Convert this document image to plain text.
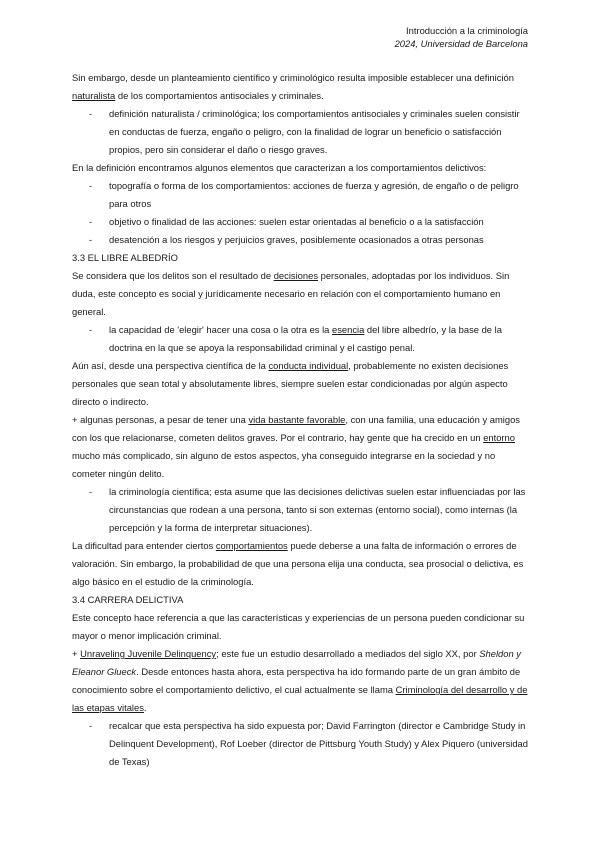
Introducción a la criminología
2024, Universidad de Barcelona

Sin embargo, desde un planteamiento científico y criminológico resulta imposible establecer una definición naturalista de los comportamientos antisociales y criminales.

- definición naturalista / criminológica; los comportamientos antisociales y criminales suelen consistir en conductas de fuerza, engaño o peligro, con la finalidad de lograr un beneficio o satisfacción propios, pero sin considerar el daño o riesgo graves.

En la definición encontramos algunos elementos que caracterizan a los comportamientos delictivos:

- topografía o forma de los comportamientos: acciones de fuerza y agresión, de engaño o de peligro para otros

- objetivo o finalidad de las acciones: suelen estar orientadas al beneficio o a la satisfacción

- desatención a los riesgos y perjuicios graves, posiblemente ocasionados a otras personas

3.3 EL LIBRE ALBEDRÍO

Se considera que los delitos son el resultado de decisiones personales, adoptadas por los individuos. Sin duda, este concepto es social y jurídicamente necesario en relación con el comportamiento humano en general.

- la capacidad de 'elegir' hacer una cosa o la otra es la esencia del libre albedrío, y la base de la doctrina en la que se apoya la responsabilidad criminal y el castigo penal.

Aún así, desde una perspectiva científica de la conducta individual, probablemente no existen decisiones personales que sean total y absolutamente libres, siempre suelen estar condicionadas por algún aspecto directo o indirecto.

+ algunas personas, a pesar de tener una vida bastante favorable, con una familia, una educación y amigos con los que relacionarse, cometen delitos graves. Por el contrario, hay gente que ha crecido en un entorno mucho más complicado, sin alguno de estos aspectos, yha conseguido integrarse en la sociedad y no cometer ningún delito.

- la criminología científica; esta asume que las decisiones delictivas suelen estar influenciadas por las circunstancias que rodean a una persona, tanto si son externas (entorno social), como internas (la percepción y la forma de interpretar situaciones).

La dificultad para entender ciertos comportamientos puede deberse a una falta de información o errores de valoración. Sin embargo, la probabilidad de que una persona elija una conducta, sea prosocial o delictiva, es algo básico en el estudio de la criminología.

3.4 CARRERA DELICTIVA

Este concepto hace referencia a que las características y experiencias de un persona pueden condicionar su mayor o menor implicación criminal.

+ Unraveling Juvenile Delinquency; este fue un estudio desarrollado a mediados del siglo XX, por Sheldon y Eleanor Glueck. Desde entonces hasta ahora, esta perspectiva ha ido formando parte de un gran ámbito de conocimiento sobre el comportamiento delictivo, el cual actualmente se llama Criminología del desarrollo y de las etapas vitales.

- recalcar que esta perspectiva ha sido expuesta por; David Farrington (director e Cambridge Study in Delinquent Development), Rof Loeber (director de Pittsburg Youth Study) y Alex Piquero (universidad de Texas)
